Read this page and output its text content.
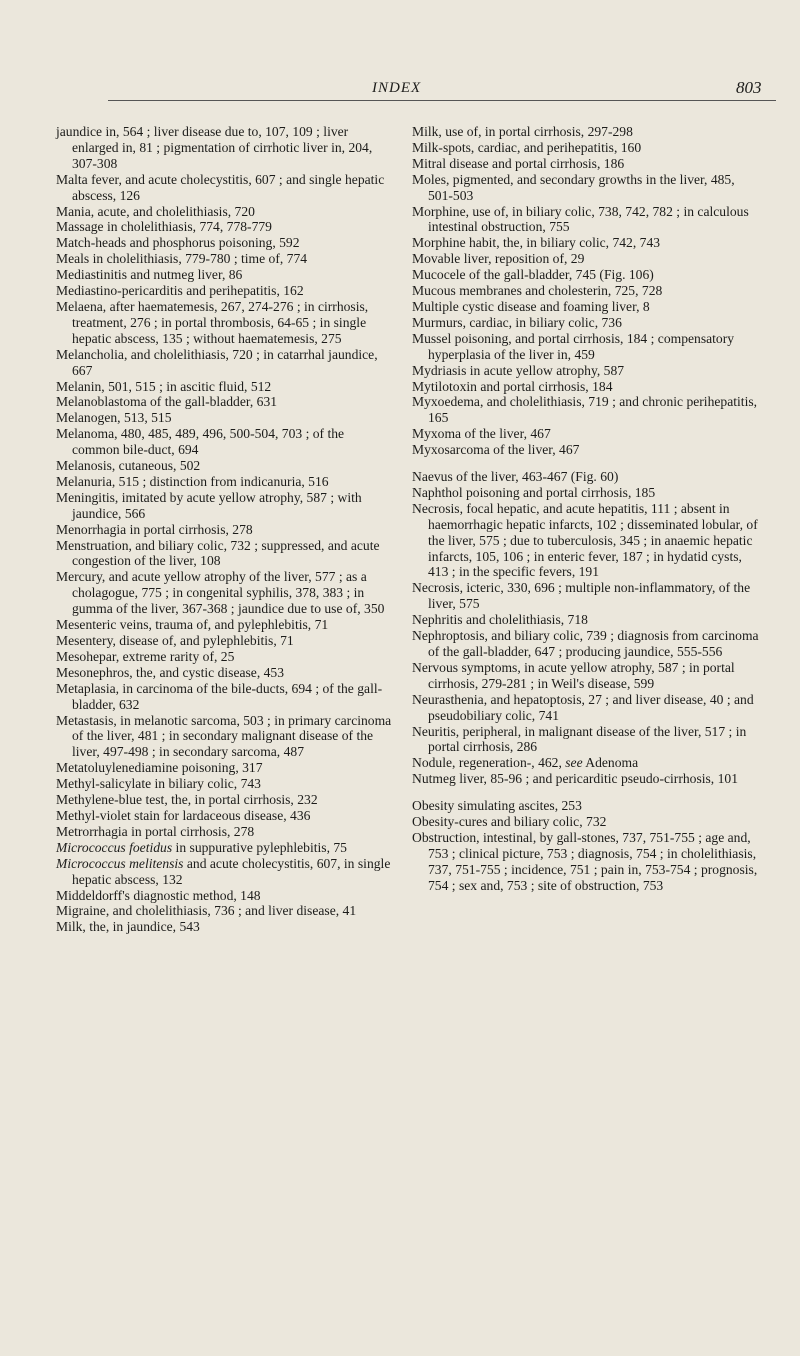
INDEX	803

jaundice in, 564 ; liver disease due to, 107, 109 ; liver enlarged in, 81 ; pigmentation of cirrhotic liver in, 204, 307-308

Malta fever, and acute cholecystitis, 607 ; and single hepatic abscess, 126

Mania, acute, and cholelithiasis, 720

Massage in cholelithiasis, 774, 778-779

Match-heads and phosphorus poisoning, 592

Meals in cholelithiasis, 779-780 ; time of, 774

Mediastinitis and nutmeg liver, 86

Mediastino-pericarditis and perihepatitis, 162

Melaena, after haematemesis, 267, 274-276 ; in cirrhosis, treatment, 276 ; in portal thrombosis, 64-65 ; in single hepatic abscess, 135 ; without haematemesis, 275

Melancholia, and cholelithiasis, 720 ; in catarrhal jaundice, 667

Melanin, 501, 515 ; in ascitic fluid, 512

Melanoblastoma of the gall-bladder, 631

Melanogen, 513, 515

Melanoma, 480, 485, 489, 496, 500-504, 703 ; of the common bile-duct, 694

Melanosis, cutaneous, 502

Melanuria, 515 ; distinction from indicanuria, 516

Meningitis, imitated by acute yellow atrophy, 587 ; with jaundice, 566

Menorrhagia in portal cirrhosis, 278

Menstruation, and biliary colic, 732 ; suppressed, and acute congestion of the liver, 108

Mercury, and acute yellow atrophy of the liver, 577 ; as a cholagogue, 775 ; in congenital syphilis, 378, 383 ; in gumma of the liver, 367-368 ; jaundice due to use of, 350

Mesenteric veins, trauma of, and pylephlebitis, 71

Mesentery, disease of, and pylephlebitis, 71

Mesohepar, extreme rarity of, 25

Mesonephros, the, and cystic disease, 453

Metaplasia, in carcinoma of the bile-ducts, 694 ; of the gall-bladder, 632

Metastasis, in melanotic sarcoma, 503 ; in primary carcinoma of the liver, 481 ; in secondary malignant disease of the liver, 497-498 ; in secondary sarcoma, 487

Metatoluylenediamine poisoning, 317

Methyl-salicylate in biliary colic, 743

Methylene-blue test, the, in portal cirrhosis, 232

Methyl-violet stain for lardaceous disease, 436

Metrorrhagia in portal cirrhosis, 278

Micrococcus foetidus in suppurative pylephlebitis, 75

Micrococcus melitensis and acute cholecystitis, 607, in single hepatic abscess, 132

Middeldorff's diagnostic method, 148

Migraine, and cholelithiasis, 736 ; and liver disease, 41

Milk, the, in jaundice, 543

Milk, use of, in portal cirrhosis, 297-298

Milk-spots, cardiac, and perihepatitis, 160

Mitral disease and portal cirrhosis, 186

Moles, pigmented, and secondary growths in the liver, 485, 501-503

Morphine, use of, in biliary colic, 738, 742, 782 ; in calculous intestinal obstruction, 755

Morphine habit, the, in biliary colic, 742, 743

Movable liver, reposition of, 29

Mucocele of the gall-bladder, 745 (Fig. 106)

Mucous membranes and cholesterin, 725, 728

Multiple cystic disease and foaming liver, 8

Murmurs, cardiac, in biliary colic, 736

Mussel poisoning, and portal cirrhosis, 184 ; compensatory hyperplasia of the liver in, 459

Mydriasis in acute yellow atrophy, 587

Mytilotoxin and portal cirrhosis, 184

Myxoedema, and cholelithiasis, 719 ; and chronic perihepatitis, 165

Myxoma of the liver, 467

Myxosarcoma of the liver, 467

Naevus of the liver, 463-467 (Fig. 60)

Naphthol poisoning and portal cirrhosis, 185

Necrosis, focal hepatic, and acute hepatitis, 111 ; absent in haemorrhagic hepatic infarcts, 102 ; disseminated lobular, of the liver, 575 ; due to tuberculosis, 345 ; in anaemic hepatic infarcts, 105, 106 ; in enteric fever, 187 ; in hydatid cysts, 413 ; in the specific fevers, 191

Necrosis, icteric, 330, 696 ; multiple non-inflammatory, of the liver, 575

Nephritis and cholelithiasis, 718

Nephroptosis, and biliary colic, 739 ; diagnosis from carcinoma of the gall-bladder, 647 ; producing jaundice, 555-556

Nervous symptoms, in acute yellow atrophy, 587 ; in portal cirrhosis, 279-281 ; in Weil's disease, 599

Neurasthenia, and hepatoptosis, 27 ; and liver disease, 40 ; and pseudobiliary colic, 741

Neuritis, peripheral, in malignant disease of the liver, 517 ; in portal cirrhosis, 286

Nodule, regeneration-, 462, see Adenoma

Nutmeg liver, 85-96 ; and pericarditic pseudo-cirrhosis, 101

Obesity simulating ascites, 253

Obesity-cures and biliary colic, 732

Obstruction, intestinal, by gall-stones, 737, 751-755 ; age and, 753 ; clinical picture, 753 ; diagnosis, 754 ; in cholelithiasis, 737, 751-755 ; incidence, 751 ; pain in, 753-754 ; prognosis, 754 ; sex and, 753 ; site of obstruction, 753
